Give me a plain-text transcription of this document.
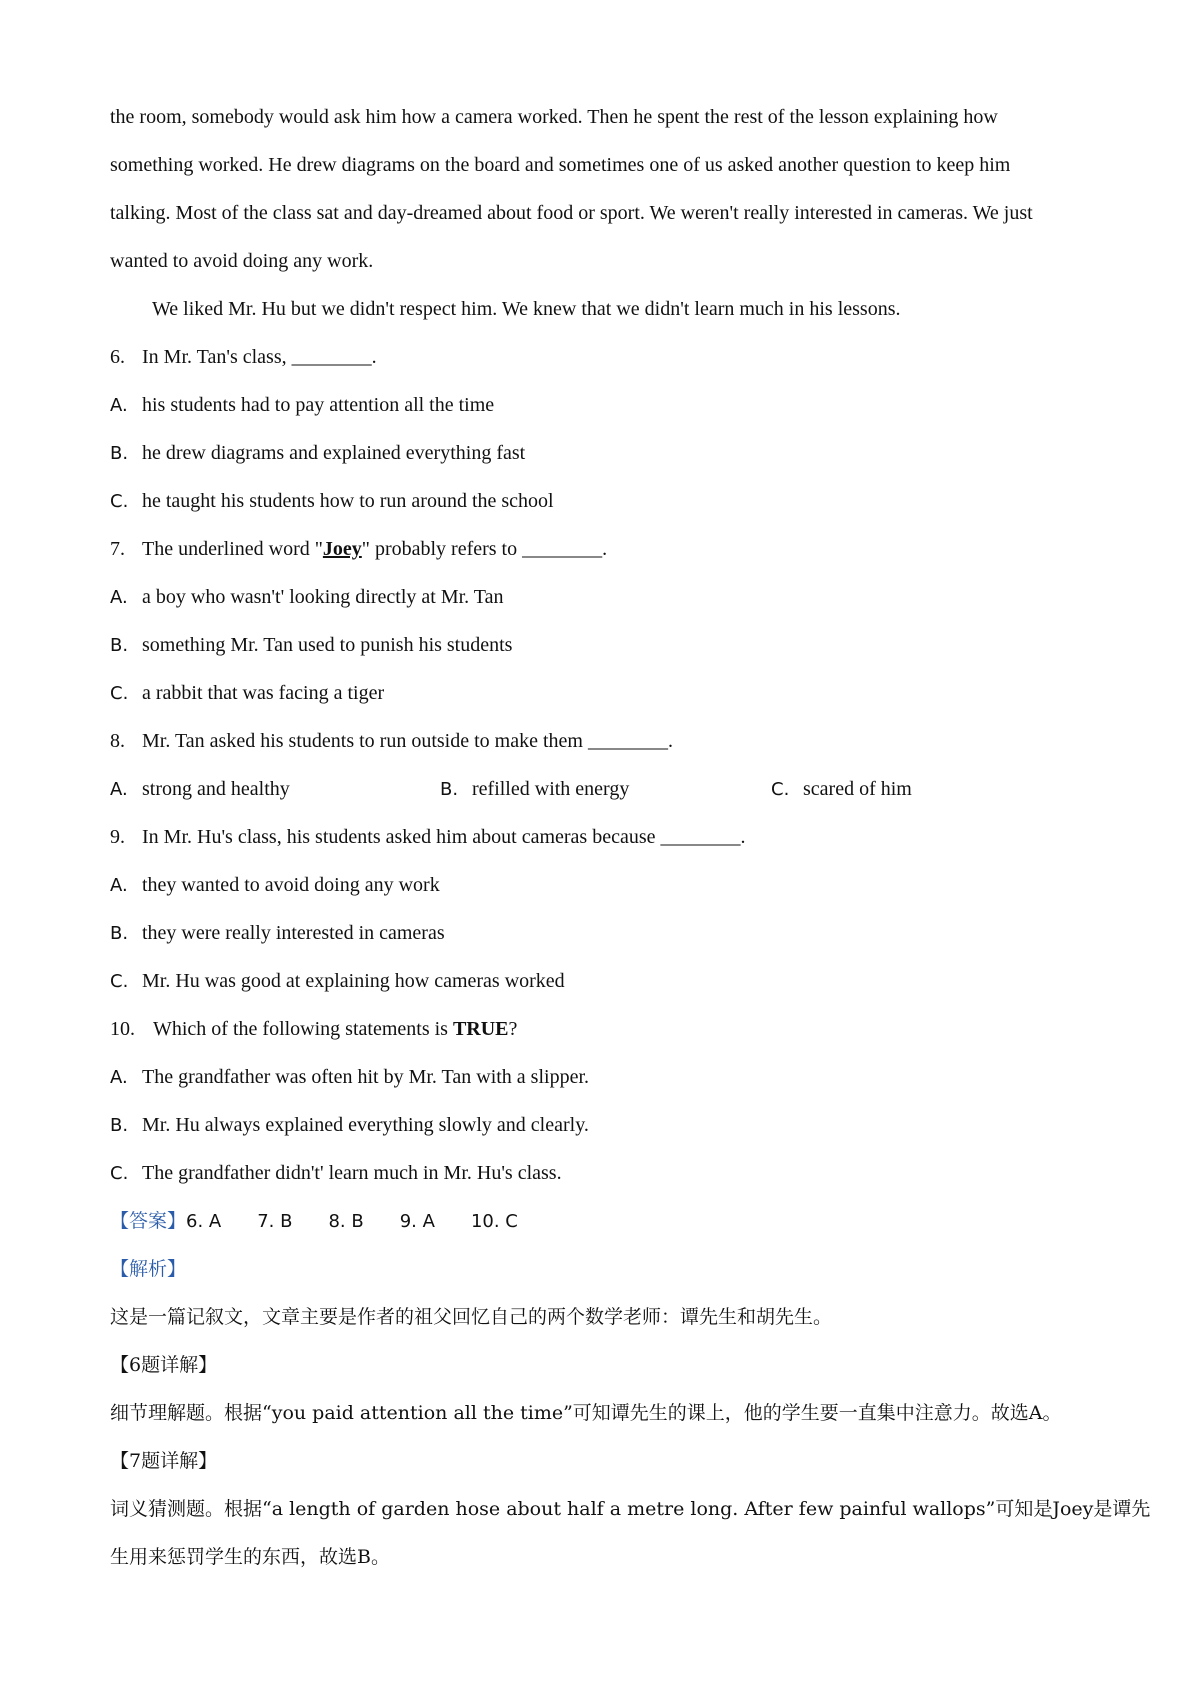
the room, somebody would ask him how a camera worked. Then he spent the rest of the lesson explaining how
something worked. He drew diagrams on the board and sometimes one of us asked another question to keep him
talking. Most of the class sat and day-dreamed about food or sport. We weren't really interested in cameras. We just
wanted to avoid doing any work.
We liked Mr. Hu but we didn't respect him. We knew that we didn't learn much in his lessons.
6. In Mr. Tan's class, ________.
A. his students had to pay attention all the time
B. he drew diagrams and explained everything fast
C. he taught his students how to run around the school
7. The underlined word "Joey" probably refers to ________.
A. a boy who wasn't' looking directly at Mr. Tan
B. something Mr. Tan used to punish his students
C. a rabbit that was facing a tiger
8. Mr. Tan asked his students to run outside to make them ________.
A. strong and healthy	B. refilled with energy	C. scared of him
9. In Mr. Hu's class, his students asked him about cameras because ________.
A. they wanted to avoid doing any work
B. they were really interested in cameras
C. Mr. Hu was good at explaining how cameras worked
10. Which of the following statements is TRUE?
A. The grandfather was often hit by Mr. Tan with a slipper.
B. Mr. Hu always explained everything slowly and clearly.
C. The grandfather didn't' learn much in Mr. Hu's class.
【答案】6. A 7. B 8. B 9. A 10. C
【解析】
这是一篇记叙文，文章主要是作者的祖父回忆自己的两个数学老师：谭先生和胡先生。
【6题详解】
细节理解题。根据“you paid attention all the time”可知谭先生的课上，他的学生要一直集中注意力。故选A。
【7题详解】
词义猜测题。根据“a length of garden hose about half a metre long. After few painful wallops”可知是Joey是谭先
生用来惩罚学生的东西，故选B。
